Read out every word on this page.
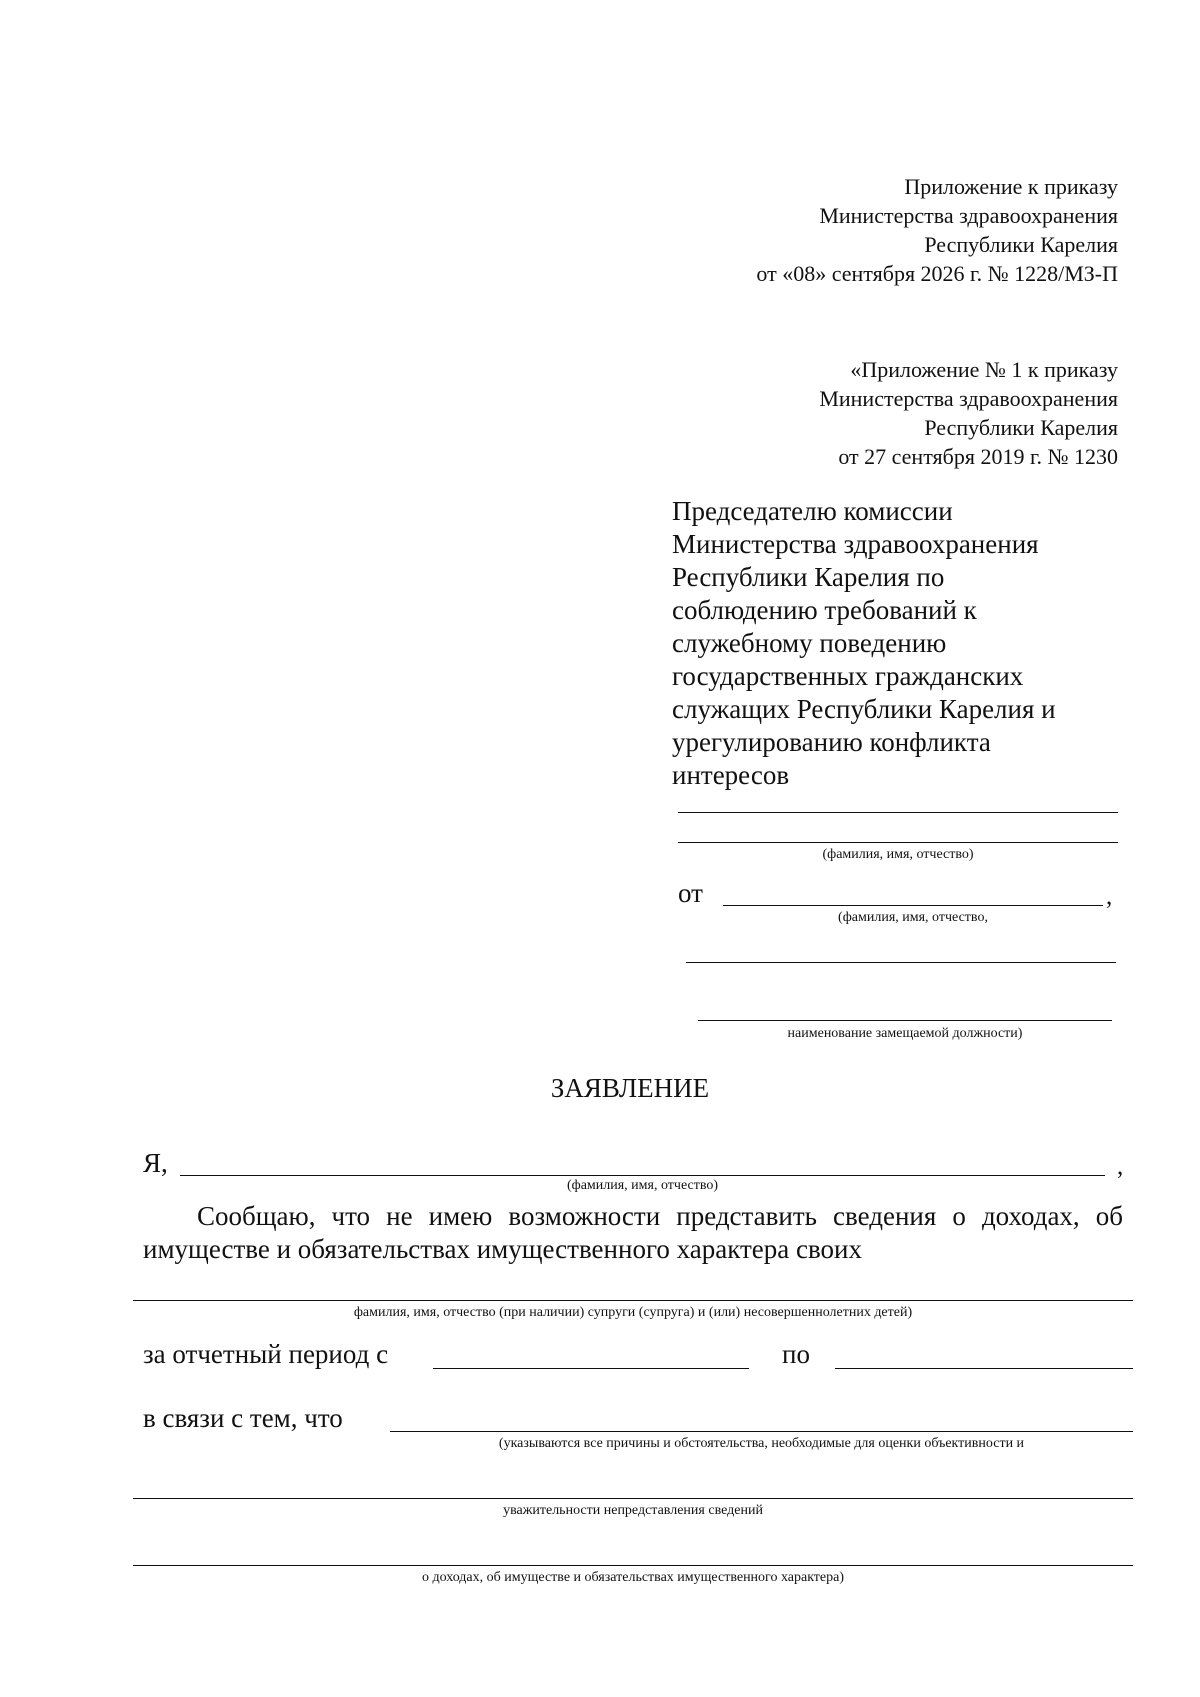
Приложение к приказу
Министерства здравоохранения
Республики Карелия
от «08» сентября 2026 г. № 1228/МЗ-П
«Приложение № 1 к приказу
Министерства здравоохранения
Республики Карелия
от 27 сентября 2019 г. № 1230
Председателю комиссии
Министерства здравоохранения
Республики Карелия по
соблюдению требований к
служебному поведению
государственных гражданских
служащих Республики Карелия и
урегулированию конфликта
интересов
(фамилия, имя, отчество)
от	,
(фамилия, имя, отчество,
наименование замещаемой должности)
ЗАЯВЛЕНИЕ
Я,	,
(фамилия, имя, отчество)
Сообщаю, что не имею возможности представить сведения о доходах, об
имуществе и обязательствах имущественного характера своих
фамилия, имя, отчество (при наличии) супруги (супруга) и (или) несовершеннолетних детей)
за отчетный период с	по
в связи с тем, что
(указываются все причины и обстоятельства, необходимые для оценки объективности и
уважительности непредставления сведений
о доходах, об имуществе и обязательствах имущественного характера)
